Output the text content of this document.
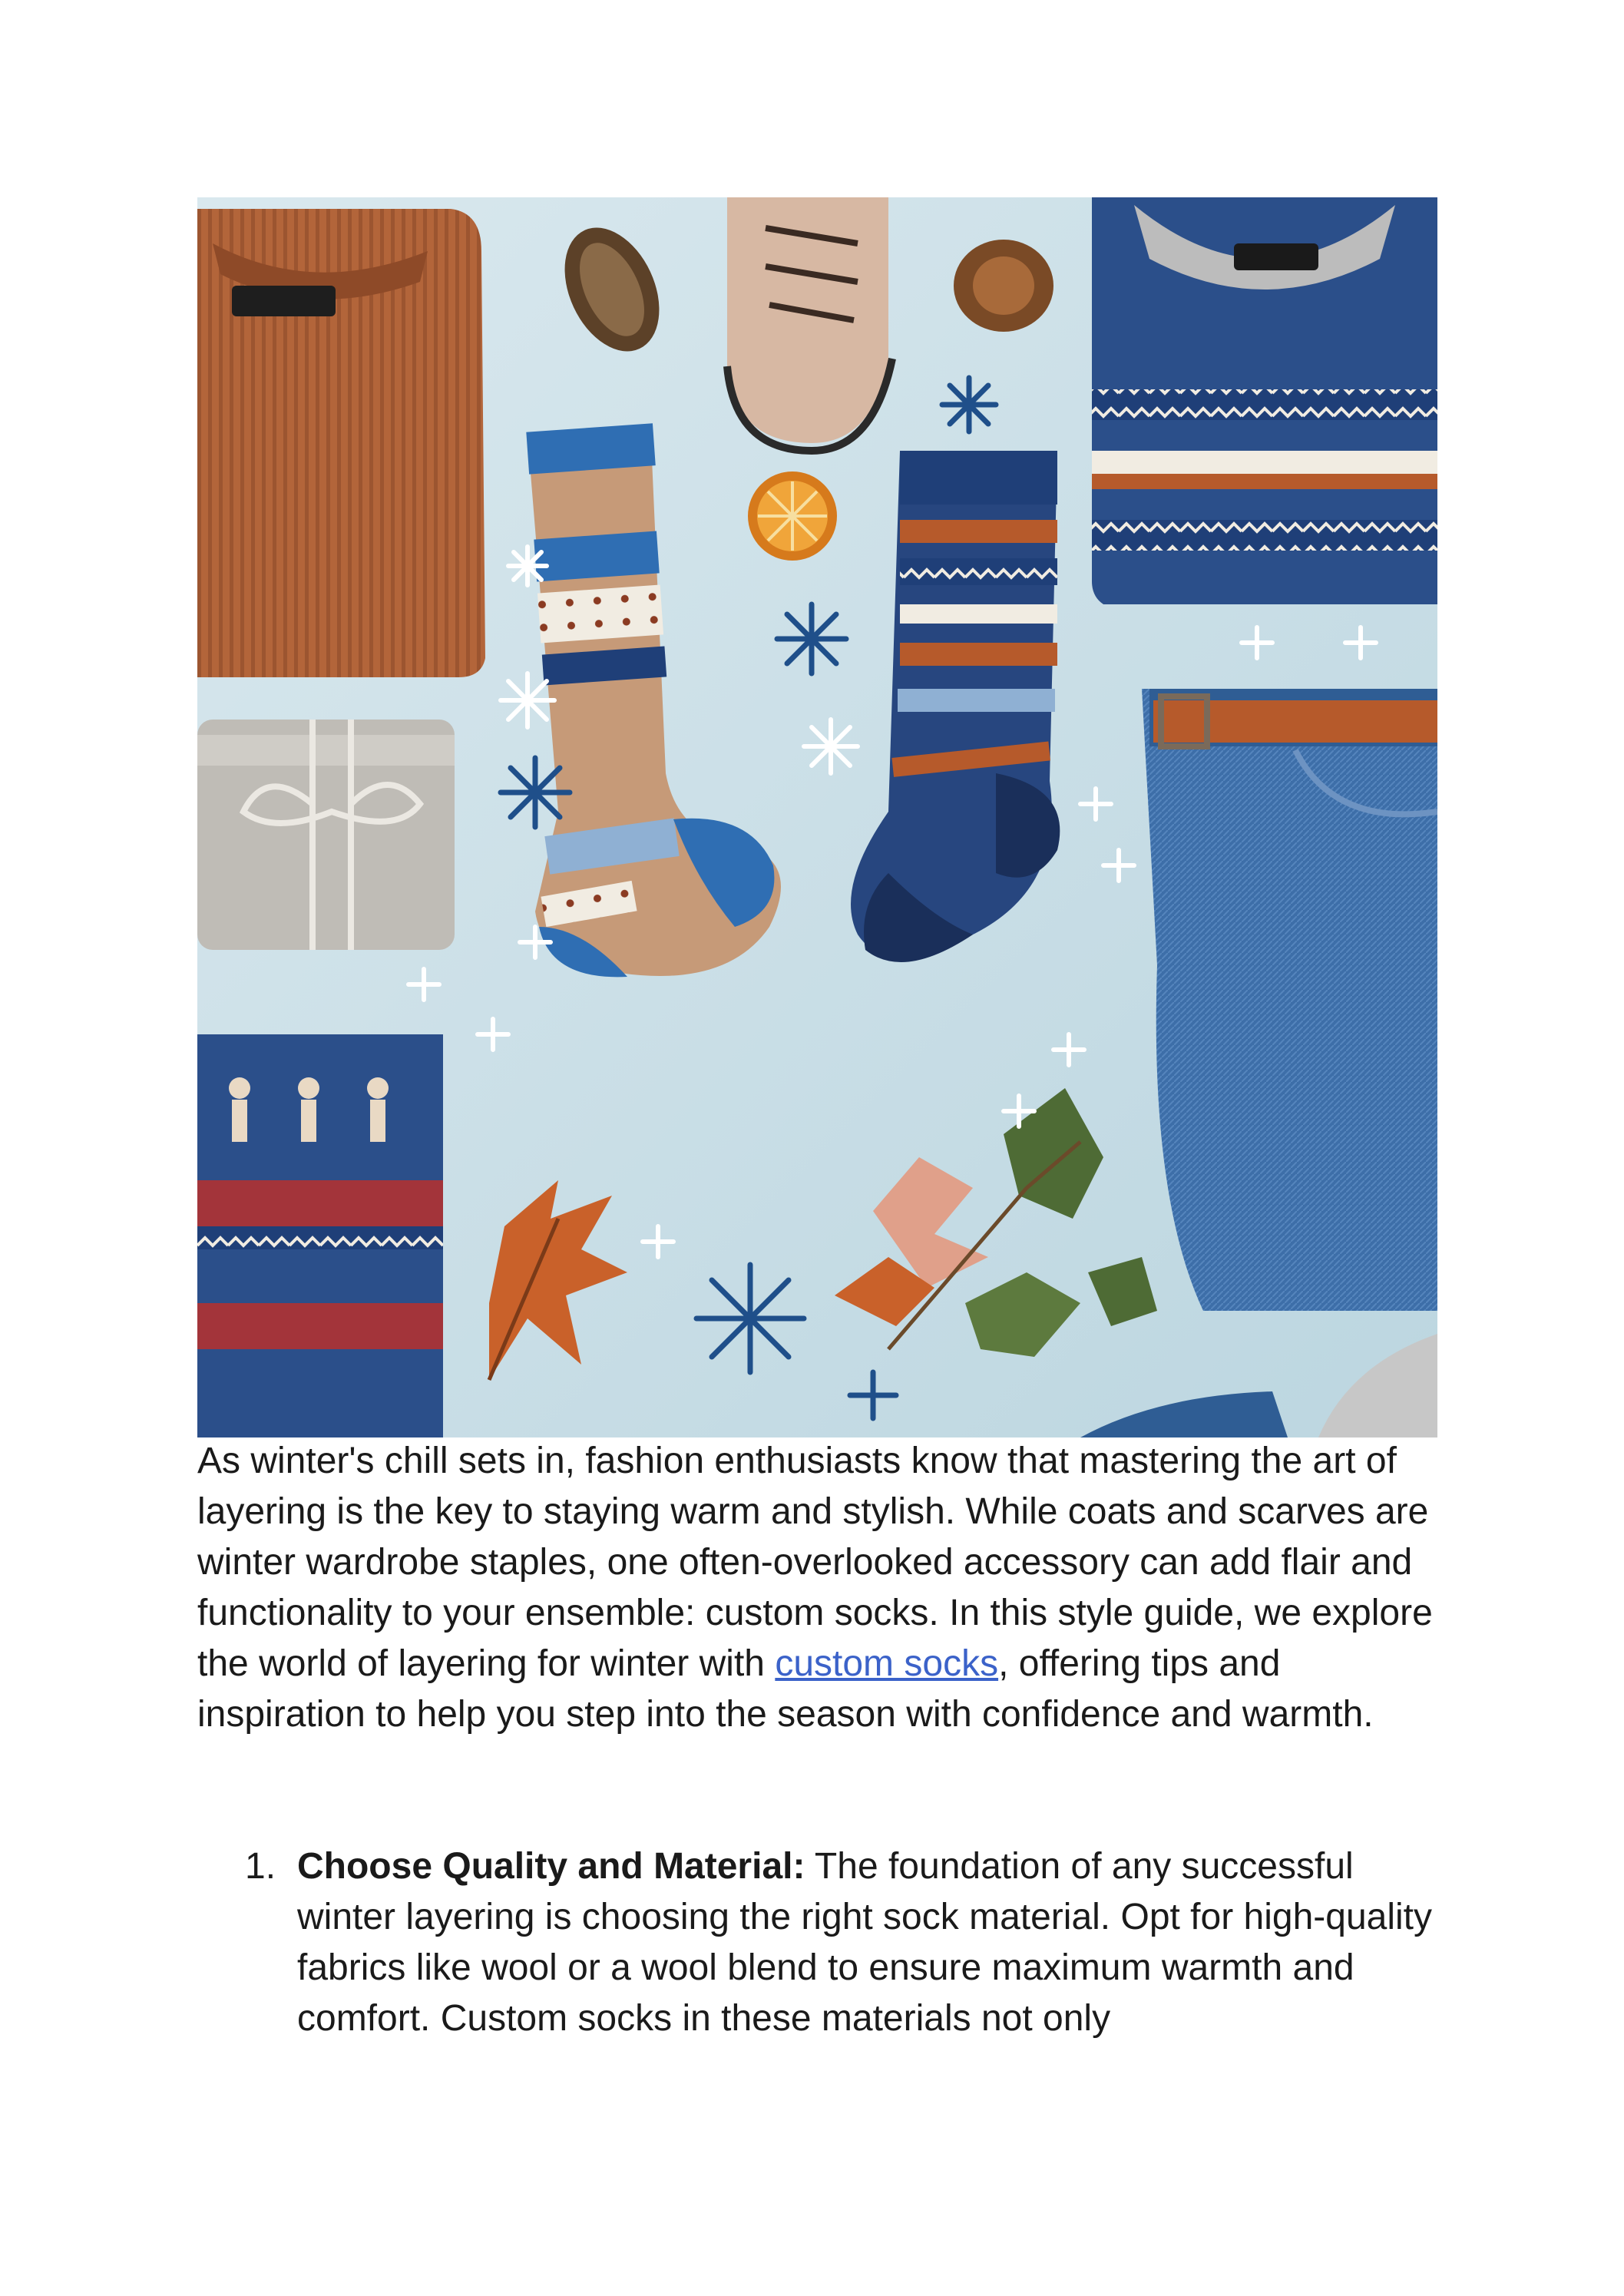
As winter's chill sets in, fashion enthusiasts know that mastering the art of layering is the key to staying warm and stylish. While coats and scarves are winter wardrobe staples, one often-overlooked accessory can add flair and functionality to your ensemble: custom socks. In this style guide, we explore the world of layering for winter with custom socks, offering tips and inspiration to help you step into the season with confidence and warmth.

1. Choose Quality and Material: The foundation of any successful winter layering is choosing the right sock material. Opt for high-quality fabrics like wool or a wool blend to ensure maximum warmth and comfort. Custom socks in these materials not only
